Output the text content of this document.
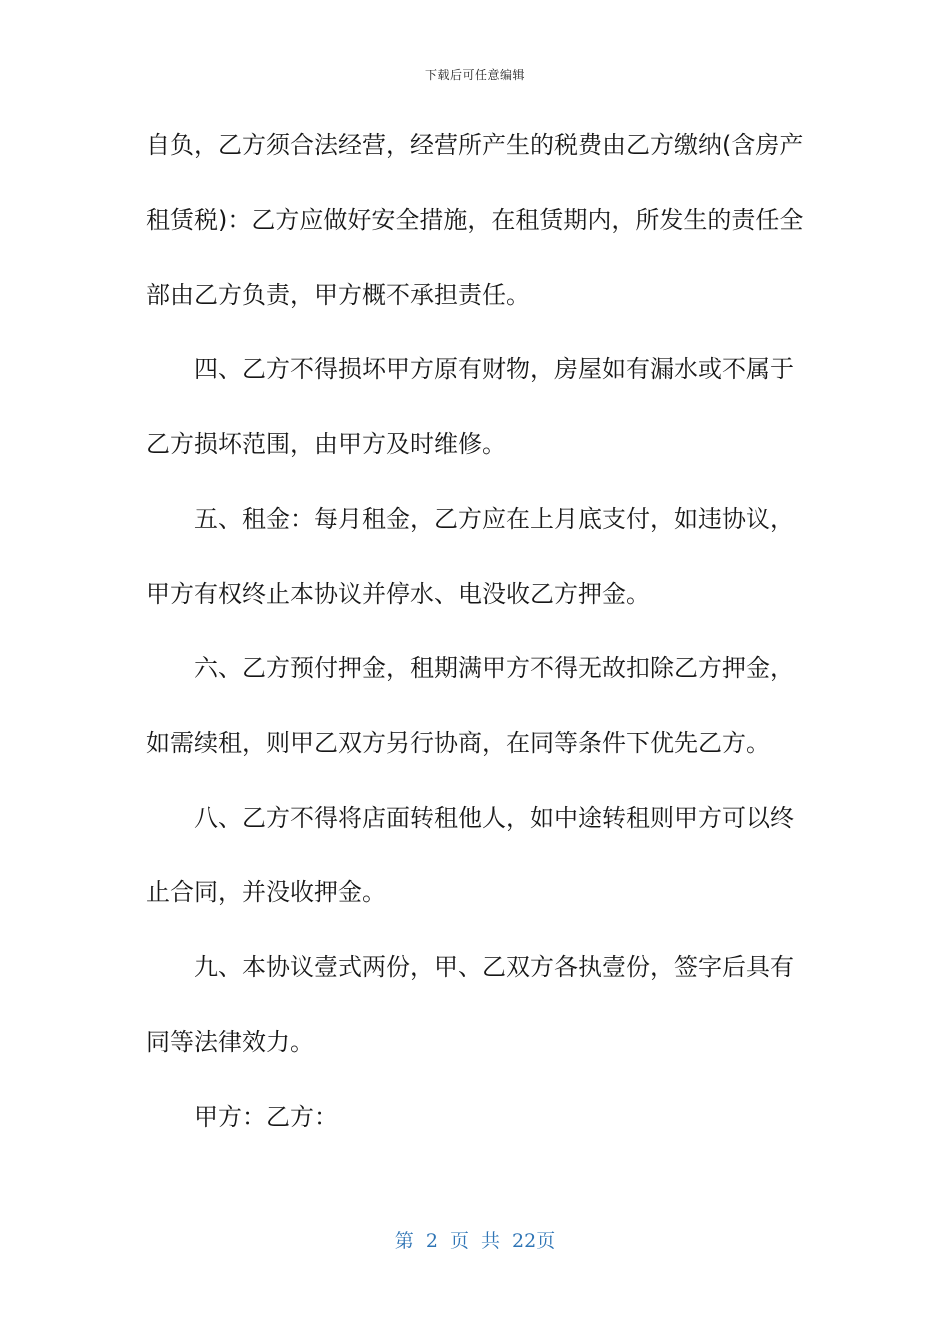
下载后可任意编辑
自负，乙方须合法经营，经营所产生的税费由乙方缴纳(含房产
租赁税)：乙方应做好安全措施，在租赁期内，所发生的责任全
部由乙方负责，甲方概不承担责任。
四、乙方不得损坏甲方原有财物，房屋如有漏水或不属于
乙方损坏范围，由甲方及时维修。
五、租金：每月租金，乙方应在上月底支付，如违协议，
甲方有权终止本协议并停水、电没收乙方押金。
六、乙方预付押金，租期满甲方不得无故扣除乙方押金，
如需续租，则甲乙双方另行协商，在同等条件下优先乙方。
八、乙方不得将店面转租他人，如中途转租则甲方可以终
止合同，并没收押金。
九、本协议壹式两份，甲、乙双方各执壹份，签字后具有
同等法律效力。
甲方：乙方：
第 2 页 共 22页
